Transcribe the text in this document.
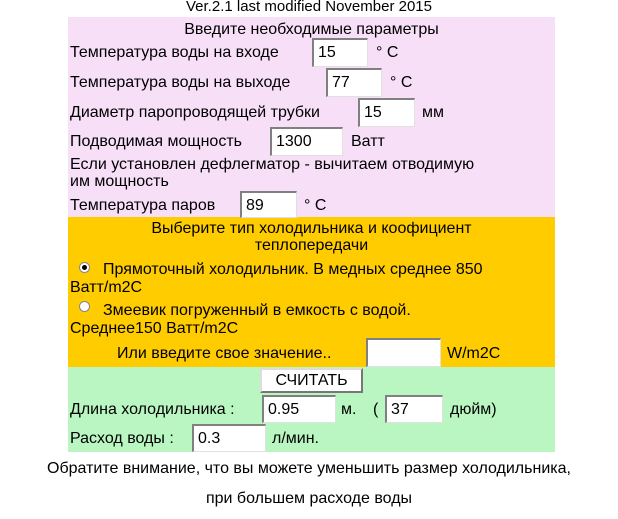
Ver.2.1 last modified November 2015
Введите необходимые параметры
Температура воды на входе	15	° C
Температура воды на выходе	77	° C
Диаметр паропроводящей трубки	15	мм
Подводимая мощность	1300	Ватт
Если установлен дефлегматор - вычитаем отводимую
им мощность
Температура паров	89	° C
Выберите тип холодильника и коофициент
теплопередачи
Прямоточный холодильник. В медных среднее 850
Ватт/m2C
Змеевик погруженный в емкость с водой.
Среднее150 Ватт/m2C
Или введите свое значение..	W/m2C
СЧИТАТЬ
Длина холодильника :	0.95	м. ( 37	дюйм)
Расход воды :	0.3	л/мин.
Обратите внимание, что вы можете уменьшить размер холодильника,
при большем расходе воды
